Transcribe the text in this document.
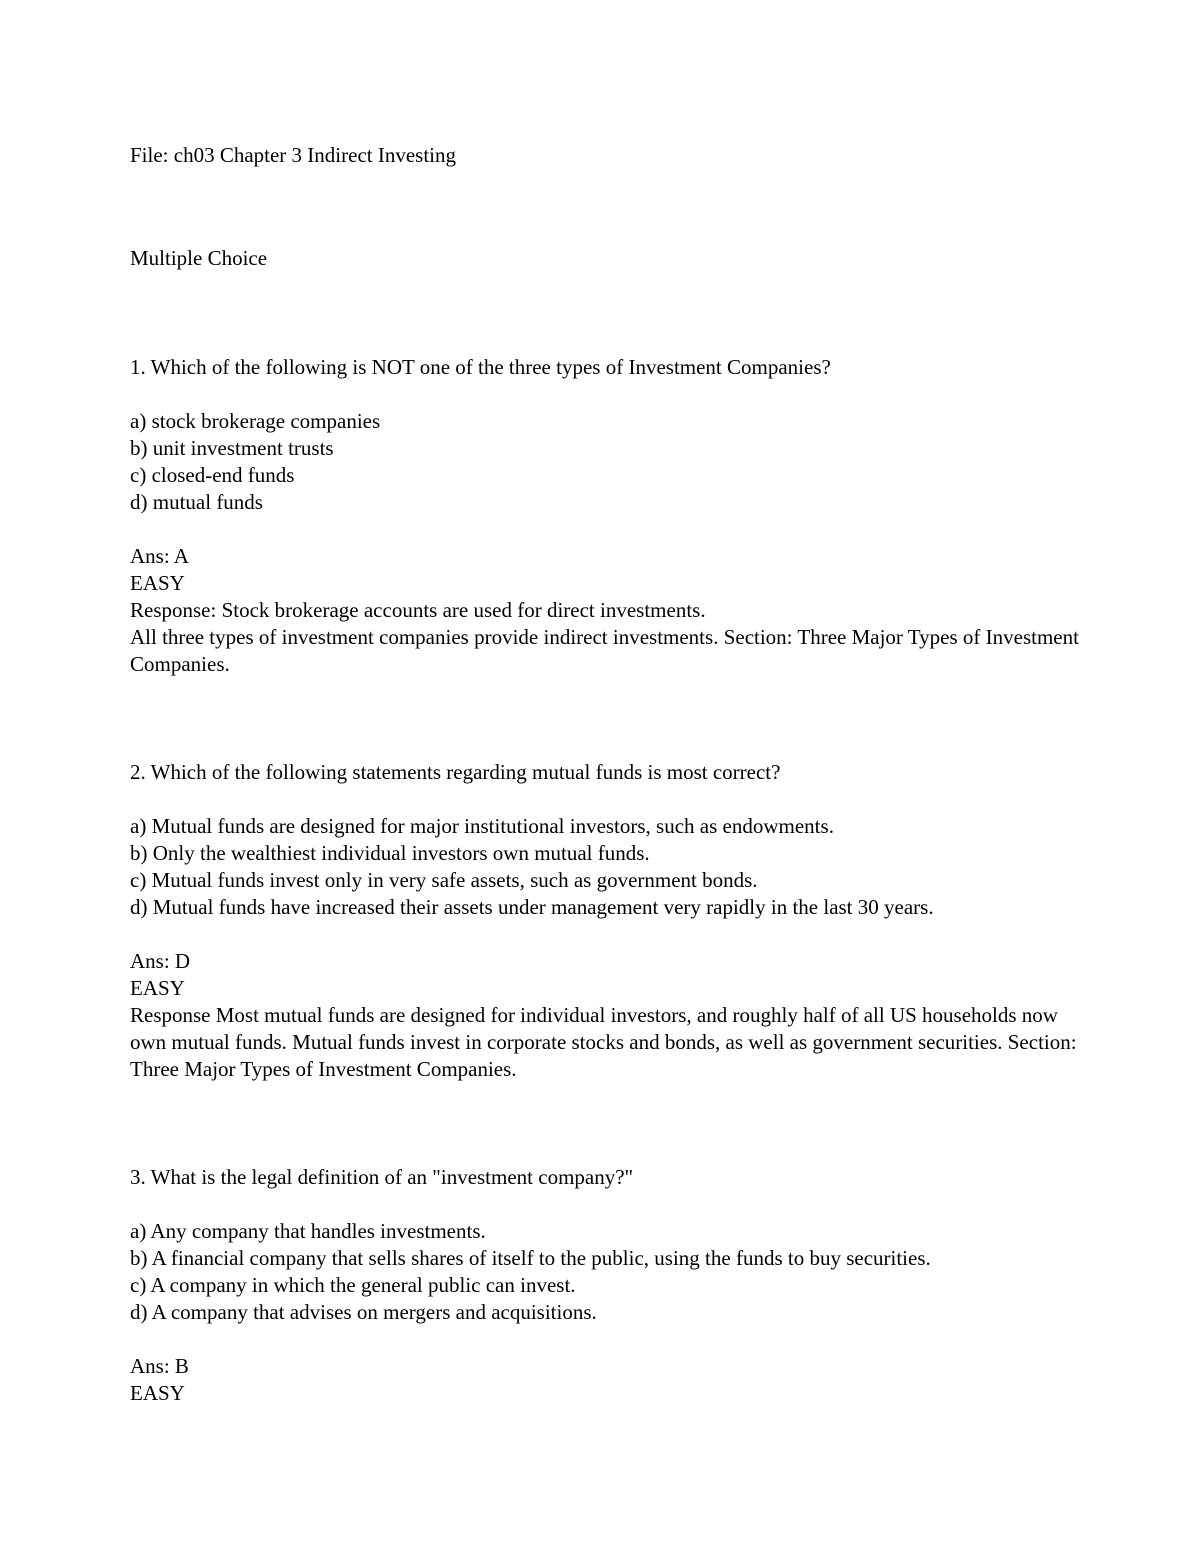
File: ch03 Chapter 3 Indirect Investing
Multiple Choice
1. Which of the following is NOT one of the three types of Investment Companies?
a) stock brokerage companies
b) unit investment trusts
c) closed-end funds
d) mutual funds
Ans: A
EASY
Response: Stock brokerage accounts are used for direct investments.
All three types of investment companies provide indirect investments. Section: Three Major Types of Investment Companies.
2. Which of the following statements regarding mutual funds is most correct?
a) Mutual funds are designed for major institutional investors, such as endowments.
b) Only the wealthiest individual investors own mutual funds.
c) Mutual funds invest only in very safe assets, such as government bonds.
d) Mutual funds have increased their assets under management very rapidly in the last 30 years.
Ans: D
EASY
Response Most mutual funds are designed for individual investors, and roughly half of all US households now own mutual funds. Mutual funds invest in corporate stocks and bonds, as well as government securities. Section: Three Major Types of Investment Companies.
3. What is the legal definition of an "investment company?"
a) Any company that handles investments.
b) A financial company that sells shares of itself to the public, using the funds to buy securities.
c) A company in which the general public can invest.
d) A company that advises on mergers and acquisitions.
Ans: B
EASY
